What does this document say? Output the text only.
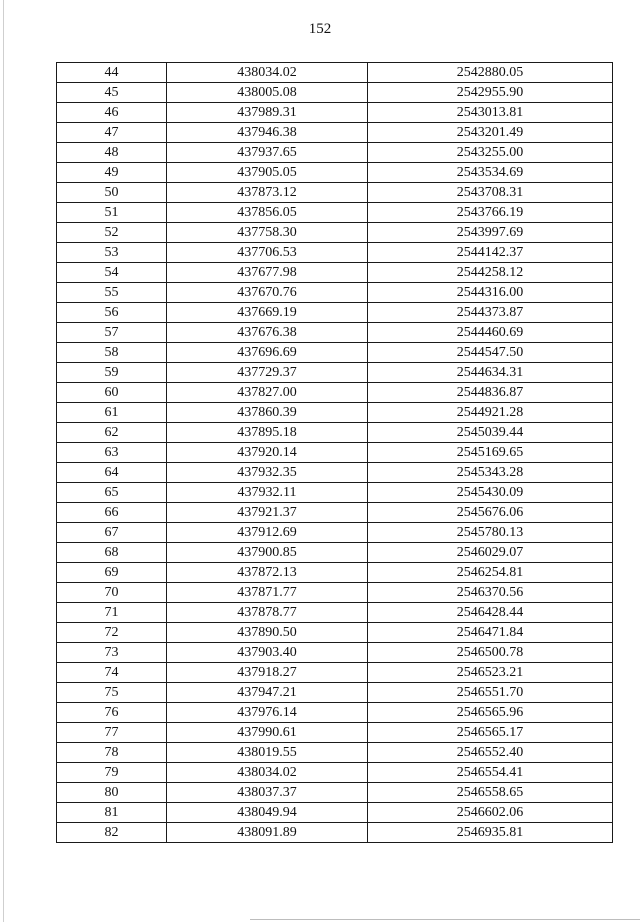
152
44	438034.02	2542880.05
45	438005.08	2542955.90
46	437989.31	2543013.81
47	437946.38	2543201.49
48	437937.65	2543255.00
49	437905.05	2543534.69
50	437873.12	2543708.31
51	437856.05	2543766.19
52	437758.30	2543997.69
53	437706.53	2544142.37
54	437677.98	2544258.12
55	437670.76	2544316.00
56	437669.19	2544373.87
57	437676.38	2544460.69
58	437696.69	2544547.50
59	437729.37	2544634.31
60	437827.00	2544836.87
61	437860.39	2544921.28
62	437895.18	2545039.44
63	437920.14	2545169.65
64	437932.35	2545343.28
65	437932.11	2545430.09
66	437921.37	2545676.06
67	437912.69	2545780.13
68	437900.85	2546029.07
69	437872.13	2546254.81
70	437871.77	2546370.56
71	437878.77	2546428.44
72	437890.50	2546471.84
73	437903.40	2546500.78
74	437918.27	2546523.21
75	437947.21	2546551.70
76	437976.14	2546565.96
77	437990.61	2546565.17
78	438019.55	2546552.40
79	438034.02	2546554.41
80	438037.37	2546558.65
81	438049.94	2546602.06
82	438091.89	2546935.81
